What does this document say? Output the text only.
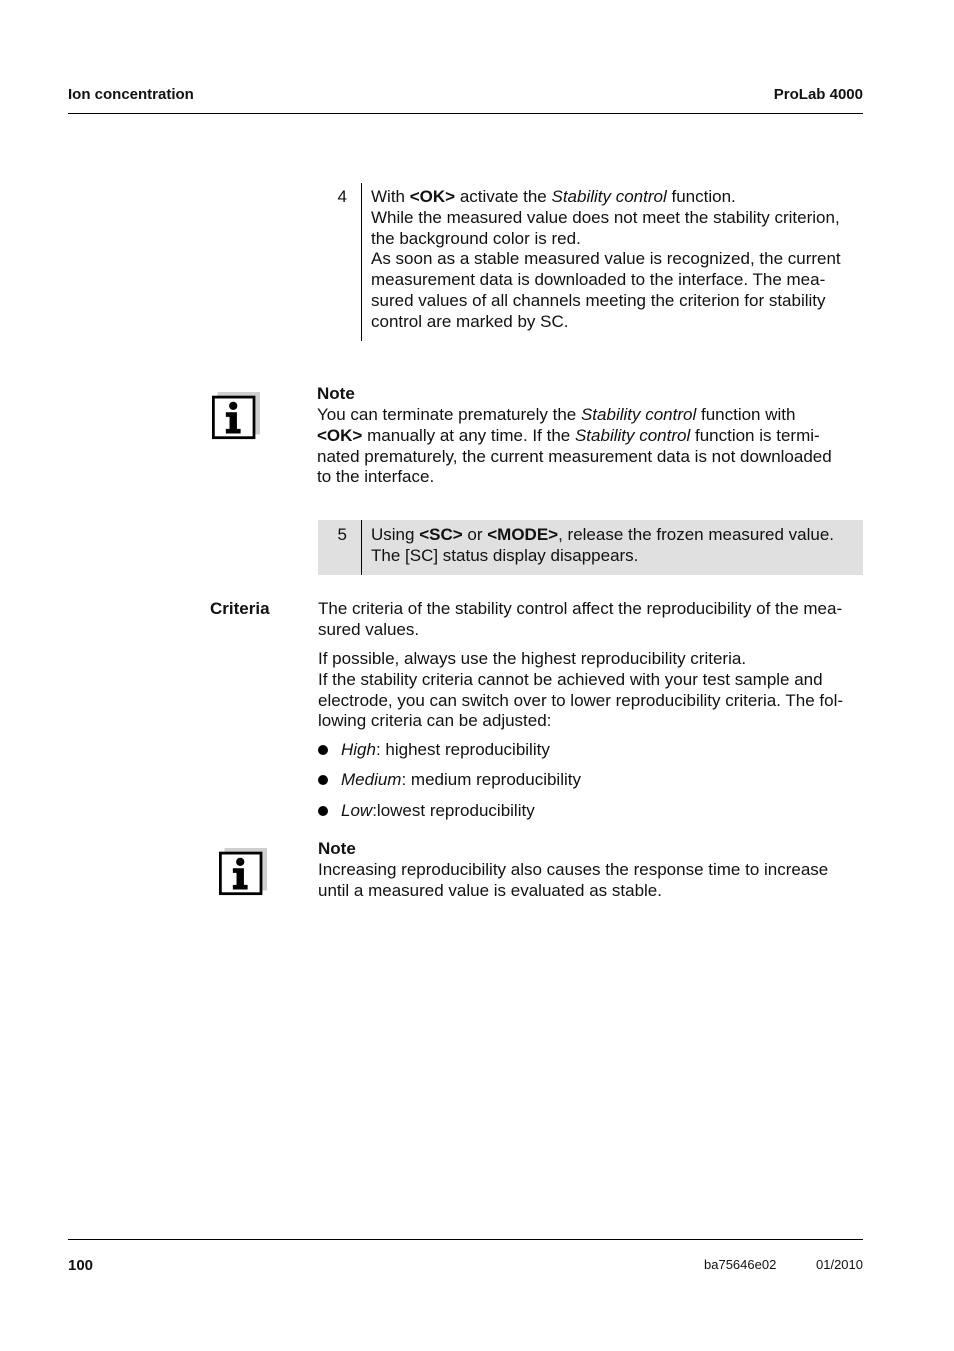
Ion concentration	ProLab 4000
4 With <OK> activate the Stability control function.
While the measured value does not meet the stability criterion,
the background color is red.
As soon as a stable measured value is recognized, the current
measurement data is downloaded to the interface. The mea-
sured values of all channels meeting the criterion for stability
control are marked by SC.
Note
You can terminate prematurely the Stability control function with
<OK> manually at any time. If the Stability control function is termi-
nated prematurely, the current measurement data is not downloaded
to the interface.
5 Using <SC> or <MODE>, release the frozen measured value.
The [SC] status display disappears.
Criteria	The criteria of the stability control affect the reproducibility of the mea-
sured values.
If possible, always use the highest reproducibility criteria.
If the stability criteria cannot be achieved with your test sample and
electrode, you can switch over to lower reproducibility criteria. The fol-
lowing criteria can be adjusted:
High: highest reproducibility
Medium: medium reproducibility
Low:lowest reproducibility
Note
Increasing reproducibility also causes the response time to increase
until a measured value is evaluated as stable.
100	ba75646e02	01/2010
